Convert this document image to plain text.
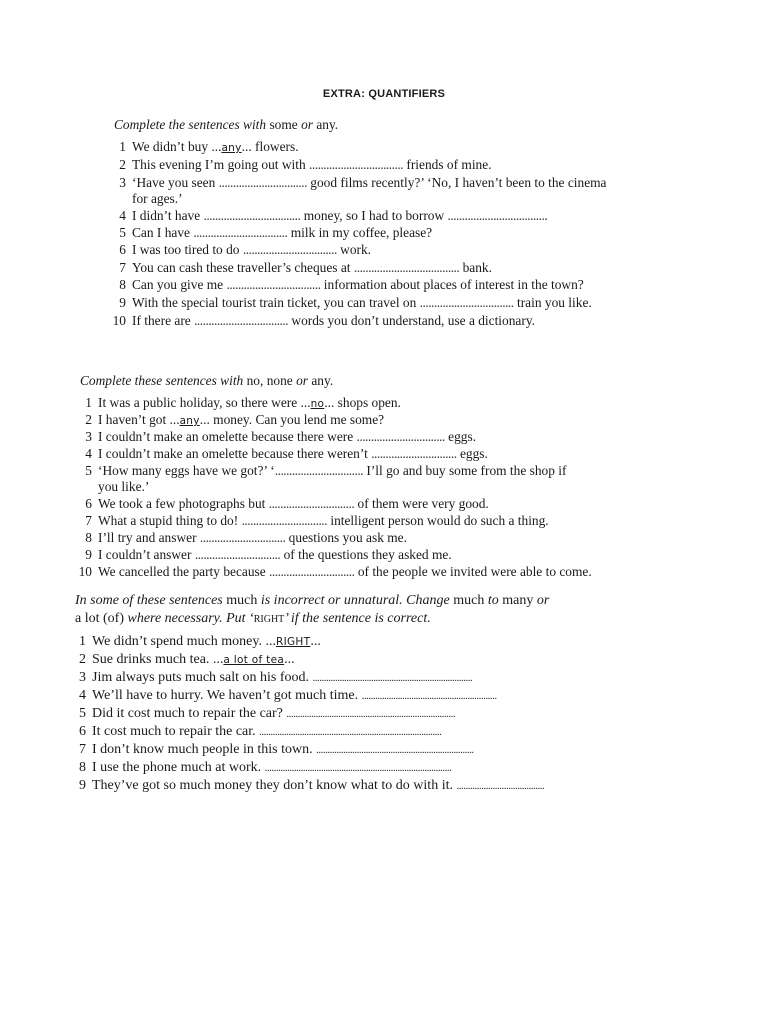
EXTRA: QUANTIFIERS
Complete the sentences with some or any.
1 We didn’t buy ...any... flowers.
2 This evening I’m going out with ................................. friends of mine.
3 ‘Have you seen ............................... good films recently?’ ‘No, I haven’t been to the cinema
for ages.’
4 I didn’t have .................................. money, so I had to borrow ...................................
5 Can I have ................................. milk in my coffee, please?
6 I was too tired to do ................................. work.
7 You can cash these traveller’s cheques at ..................................... bank.
8 Can you give me ................................. information about places of interest in the town?
9 With the special tourist train ticket, you can travel on ................................. train you like.
10 If there are ................................. words you don’t understand, use a dictionary.
Complete these sentences with no, none or any.
1 It was a public holiday, so there were ...no... shops open.
2 I haven’t got ...any... money. Can you lend me some?
3 I couldn’t make an omelette because there were ............................... eggs.
4 I couldn’t make an omelette because there weren’t .............................. eggs.
5 ‘How many eggs have we got?’ ‘............................... I’ll go and buy some from the shop if
you like.’
6 We took a few photographs but .............................. of them were very good.
7 What a stupid thing to do! .............................. intelligent person would do such a thing.
8 I’ll try and answer .............................. questions you ask me.
9 I couldn’t answer .............................. of the questions they asked me.
10 We cancelled the party because .............................. of the people we invited were able to come.
In some of these sentences much is incorrect or unnatural. Change much to many or
a lot (of) where necessary. Put ‘right’ if the sentence is correct.
1 We didn’t spend much money. ...RIGHT...
2 Sue drinks much tea. ...a lot of tea...
3 Jim always puts much salt on his food. .......................................................................
4 We’ll have to hurry. We haven’t got much time. ............................................................
5 Did it cost much to repair the car? ...........................................................................
6 It cost much to repair the car. .................................................................................
7 I don’t know much people in this town. ......................................................................
8 I use the phone much at work. ...................................................................................
9 They’ve got so much money they don’t know what to do with it. .......................................
